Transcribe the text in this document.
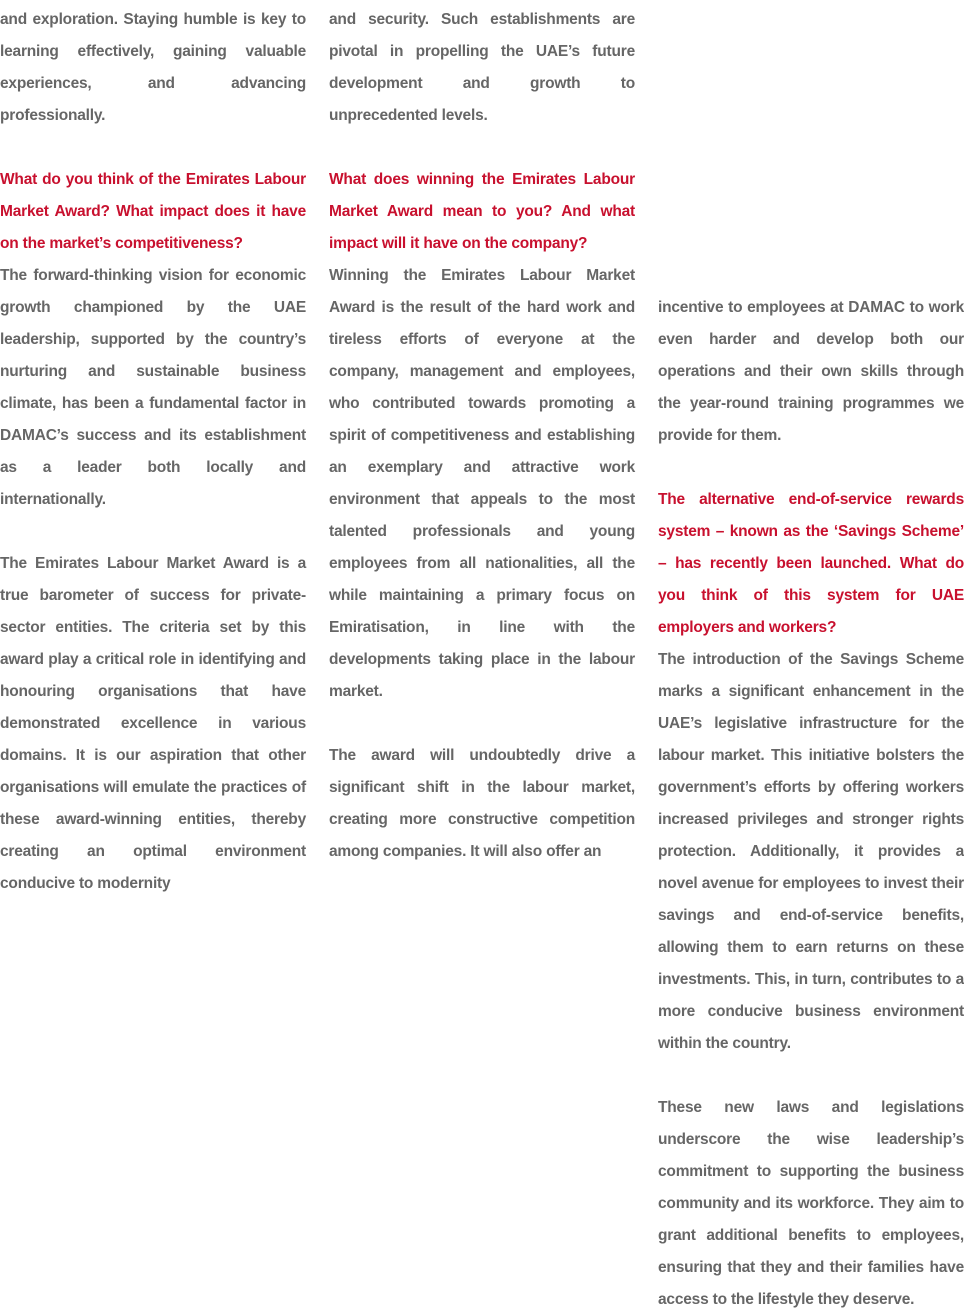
and exploration. Staying humble is key to learning effectively, gaining valuable experiences, and advancing professionally.

What do you think of the Emirates Labour Market Award? What impact does it have on the market’s competitiveness?

The forward-thinking vision for economic growth championed by the UAE leadership, supported by the country’s nurturing and sustainable business climate, has been a fundamental factor in DAMAC’s success and its establishment as a leader both locally and internationally.

The Emirates Labour Market Award is a true barometer of success for private-sector entities. The criteria set by this award play a critical role in identifying and honouring organisations that have demonstrated excellence in various domains. It is our aspiration that other organisations will emulate the practices of these award-winning entities, thereby creating an optimal environment conducive to modernity

and security. Such establishments are pivotal in propelling the UAE’s future development and growth to unprecedented levels.

What does winning the Emirates Labour Market Award mean to you? And what impact will it have on the company?

Winning the Emirates Labour Market Award is the result of the hard work and tireless efforts of everyone at the company, management and employees, who contributed towards promoting a spirit of competitiveness and establishing an exemplary and attractive work environment that appeals to the most talented professionals and young employees from all nationalities, all the while maintaining a primary focus on Emiratisation, in line with the developments taking place in the labour market.

The award will undoubtedly drive a significant shift in the labour market, creating more constructive competition among companies. It will also offer an

incentive to employees at DAMAC to work even harder and develop both our operations and their own skills through the year-round training programmes we provide for them.

The alternative end-of-service rewards system – known as the ‘Savings Scheme’ – has recently been launched. What do you think of this system for UAE employers and workers?

The introduction of the Savings Scheme marks a significant enhancement in the UAE’s legislative infrastructure for the labour market. This initiative bolsters the government’s efforts by offering workers increased privileges and stronger rights protection. Additionally, it provides a novel avenue for employees to invest their savings and end-of-service benefits, allowing them to earn returns on these investments. This, in turn, contributes to a more conducive business environment within the country.

These new laws and legislations underscore the wise leadership’s commitment to supporting the business community and its workforce. They aim to grant additional benefits to employees, ensuring that they and their families have access to the lifestyle they deserve.
